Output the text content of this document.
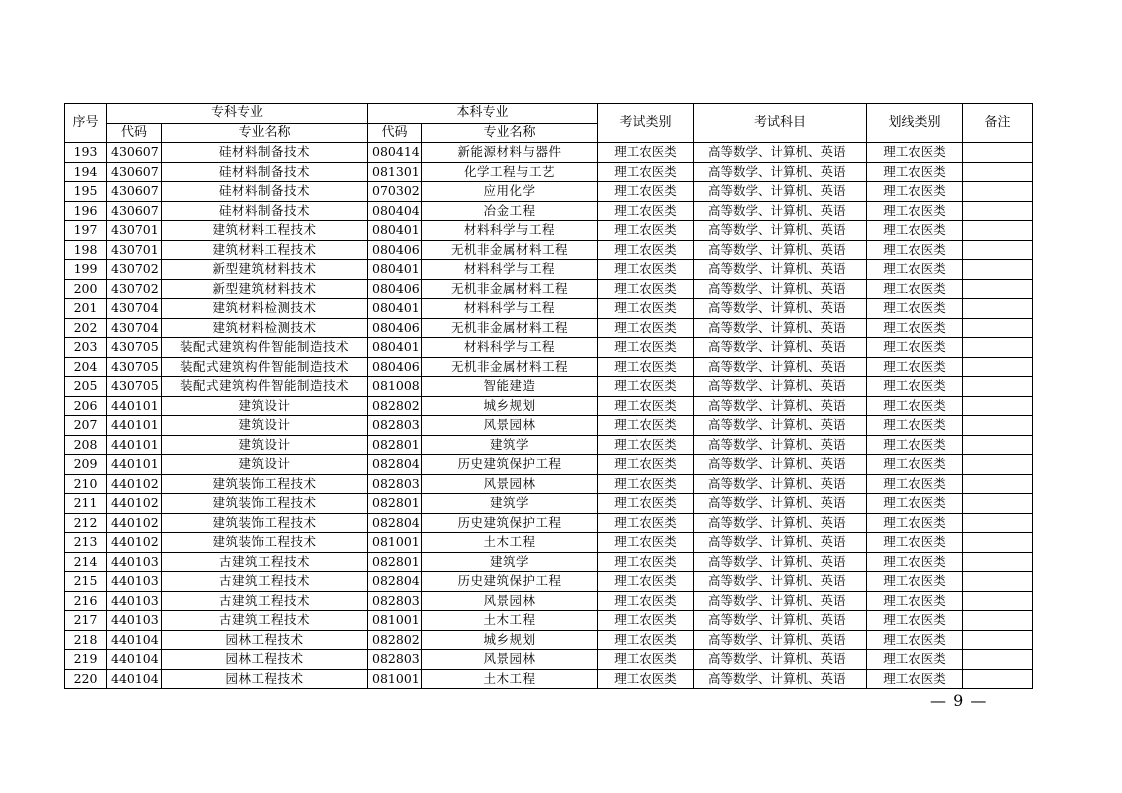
序号	专科专业		本科专业		考试类别	考试科目	划线类别	备注
	代码	专业名称	代码	专业名称				
193	430607	硅材料制备技术	080414	新能源材料与器件	理工农医类	高等数学、计算机、英语	理工农医类	
194	430607	硅材料制备技术	081301	化学工程与工艺	理工农医类	高等数学、计算机、英语	理工农医类	
195	430607	硅材料制备技术	070302	应用化学	理工农医类	高等数学、计算机、英语	理工农医类	
196	430607	硅材料制备技术	080404	冶金工程	理工农医类	高等数学、计算机、英语	理工农医类	
197	430701	建筑材料工程技术	080401	材料科学与工程	理工农医类	高等数学、计算机、英语	理工农医类	
198	430701	建筑材料工程技术	080406	无机非金属材料工程	理工农医类	高等数学、计算机、英语	理工农医类	
199	430702	新型建筑材料技术	080401	材料科学与工程	理工农医类	高等数学、计算机、英语	理工农医类	
200	430702	新型建筑材料技术	080406	无机非金属材料工程	理工农医类	高等数学、计算机、英语	理工农医类	
201	430704	建筑材料检测技术	080401	材料科学与工程	理工农医类	高等数学、计算机、英语	理工农医类	
202	430704	建筑材料检测技术	080406	无机非金属材料工程	理工农医类	高等数学、计算机、英语	理工农医类	
203	430705	装配式建筑构件智能制造技术	080401	材料科学与工程	理工农医类	高等数学、计算机、英语	理工农医类	
204	430705	装配式建筑构件智能制造技术	080406	无机非金属材料工程	理工农医类	高等数学、计算机、英语	理工农医类	
205	430705	装配式建筑构件智能制造技术	081008	智能建造	理工农医类	高等数学、计算机、英语	理工农医类	
206	440101	建筑设计	082802	城乡规划	理工农医类	高等数学、计算机、英语	理工农医类	
207	440101	建筑设计	082803	风景园林	理工农医类	高等数学、计算机、英语	理工农医类	
208	440101	建筑设计	082801	建筑学	理工农医类	高等数学、计算机、英语	理工农医类	
209	440101	建筑设计	082804	历史建筑保护工程	理工农医类	高等数学、计算机、英语	理工农医类	
210	440102	建筑装饰工程技术	082803	风景园林	理工农医类	高等数学、计算机、英语	理工农医类	
211	440102	建筑装饰工程技术	082801	建筑学	理工农医类	高等数学、计算机、英语	理工农医类	
212	440102	建筑装饰工程技术	082804	历史建筑保护工程	理工农医类	高等数学、计算机、英语	理工农医类	
213	440102	建筑装饰工程技术	081001	土木工程	理工农医类	高等数学、计算机、英语	理工农医类	
214	440103	古建筑工程技术	082801	建筑学	理工农医类	高等数学、计算机、英语	理工农医类	
215	440103	古建筑工程技术	082804	历史建筑保护工程	理工农医类	高等数学、计算机、英语	理工农医类	
216	440103	古建筑工程技术	082803	风景园林	理工农医类	高等数学、计算机、英语	理工农医类	
217	440103	古建筑工程技术	081001	土木工程	理工农医类	高等数学、计算机、英语	理工农医类	
218	440104	园林工程技术	082802	城乡规划	理工农医类	高等数学、计算机、英语	理工农医类	
219	440104	园林工程技术	082803	风景园林	理工农医类	高等数学、计算机、英语	理工农医类	
220	440104	园林工程技术	081001	土木工程	理工农医类	高等数学、计算机、英语	理工农医类	
— 9 —
